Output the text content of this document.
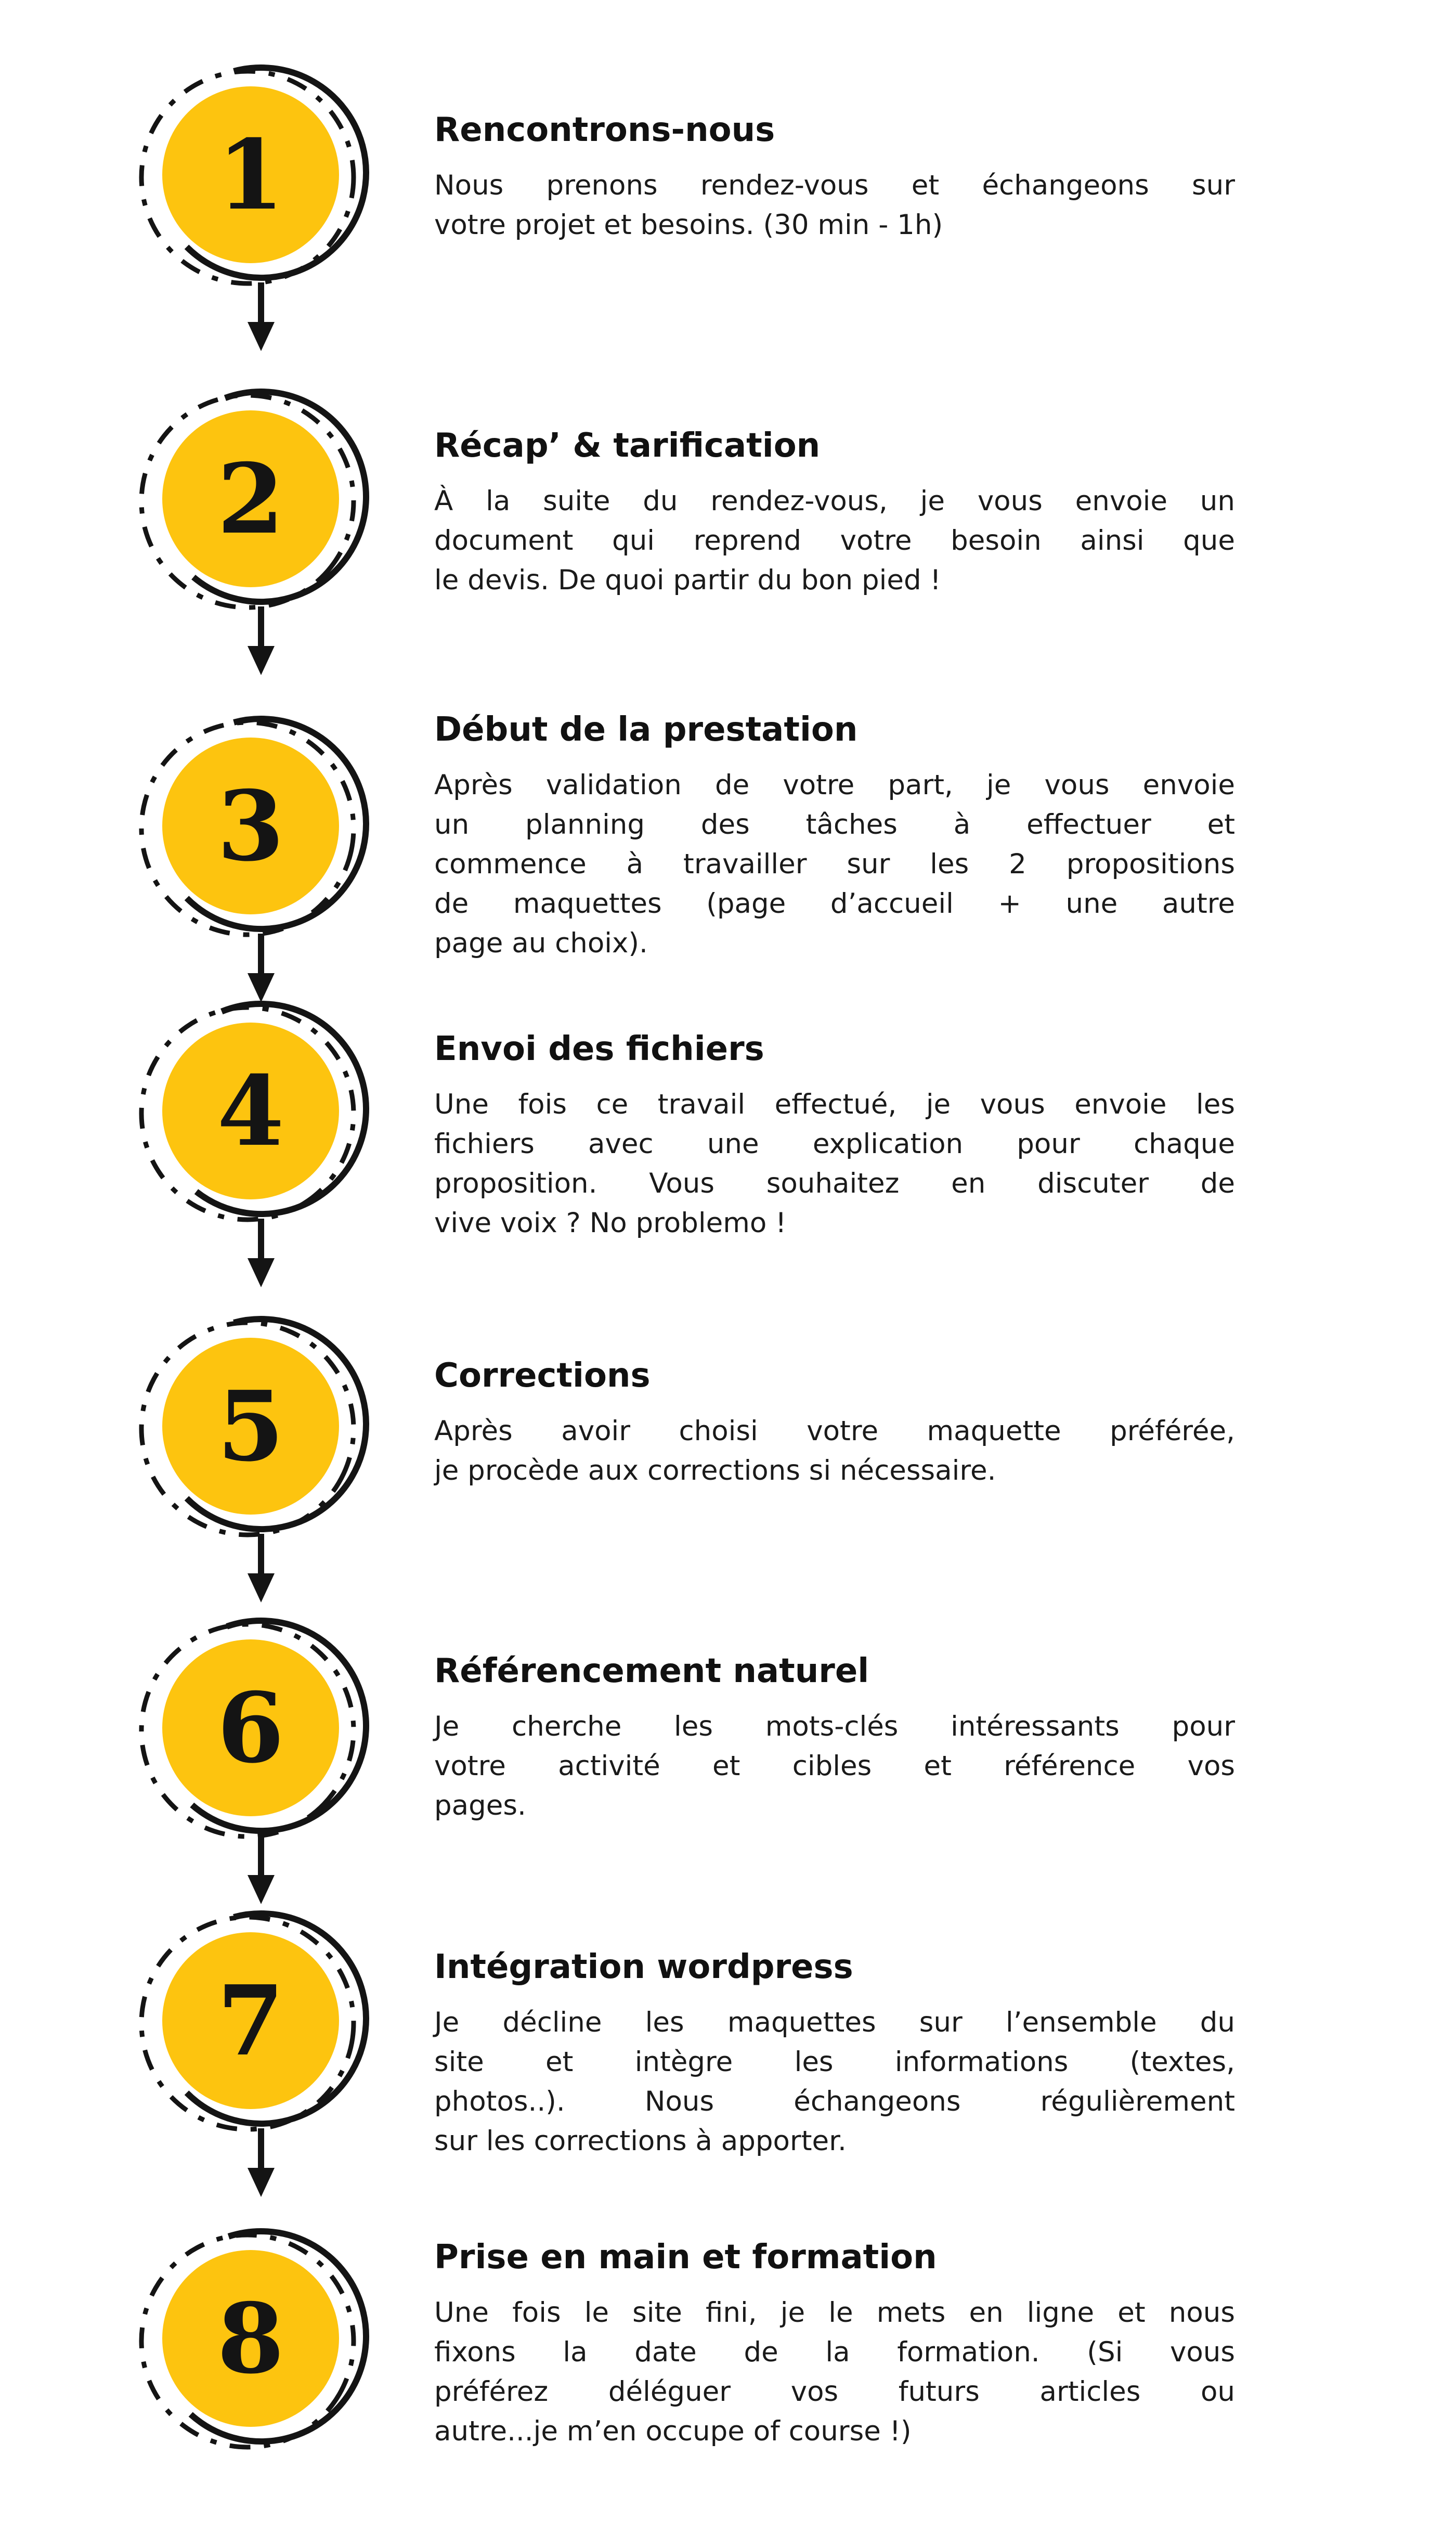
1	Rencontrons-nous
Nous prenons rendez-vous et échangeons sur
votre projet et besoins. (30 min - 1h)
2	Récap’ & tarification
À la suite du rendez-vous, je vous envoie un
document qui reprend votre besoin ainsi que
le devis. De quoi partir du bon pied !
3
Début de la prestation
Après validation de votre part, je vous envoie
un planning des tâches à effectuer et
commence à travailler sur les 2 propositions
de maquettes (page d’accueil + une autre
page au choix).
4
Envoi des fichiers
Une fois ce travail effectué, je vous envoie les
fichiers avec une explication pour chaque
proposition. Vous souhaitez en discuter de
vive voix ? No problemo !
5	Corrections
Après avoir choisi votre maquette préférée,
je procède aux corrections si nécessaire.
6	Référencement naturel
Je cherche les mots-clés intéressants pour
votre activité et cibles et référence vos
pages.
7	Intégration wordpress
Je décline les maquettes sur l’ensemble du
site et intègre les informations (textes,
photos..). Nous échangeons régulièrement
sur les corrections à apporter.
8
Prise en main et formation
Une fois le site fini, je le mets en ligne et nous
fixons la date de la formation. (Si vous
préférez déléguer vos futurs articles ou
autre...je m’en occupe of course !)
